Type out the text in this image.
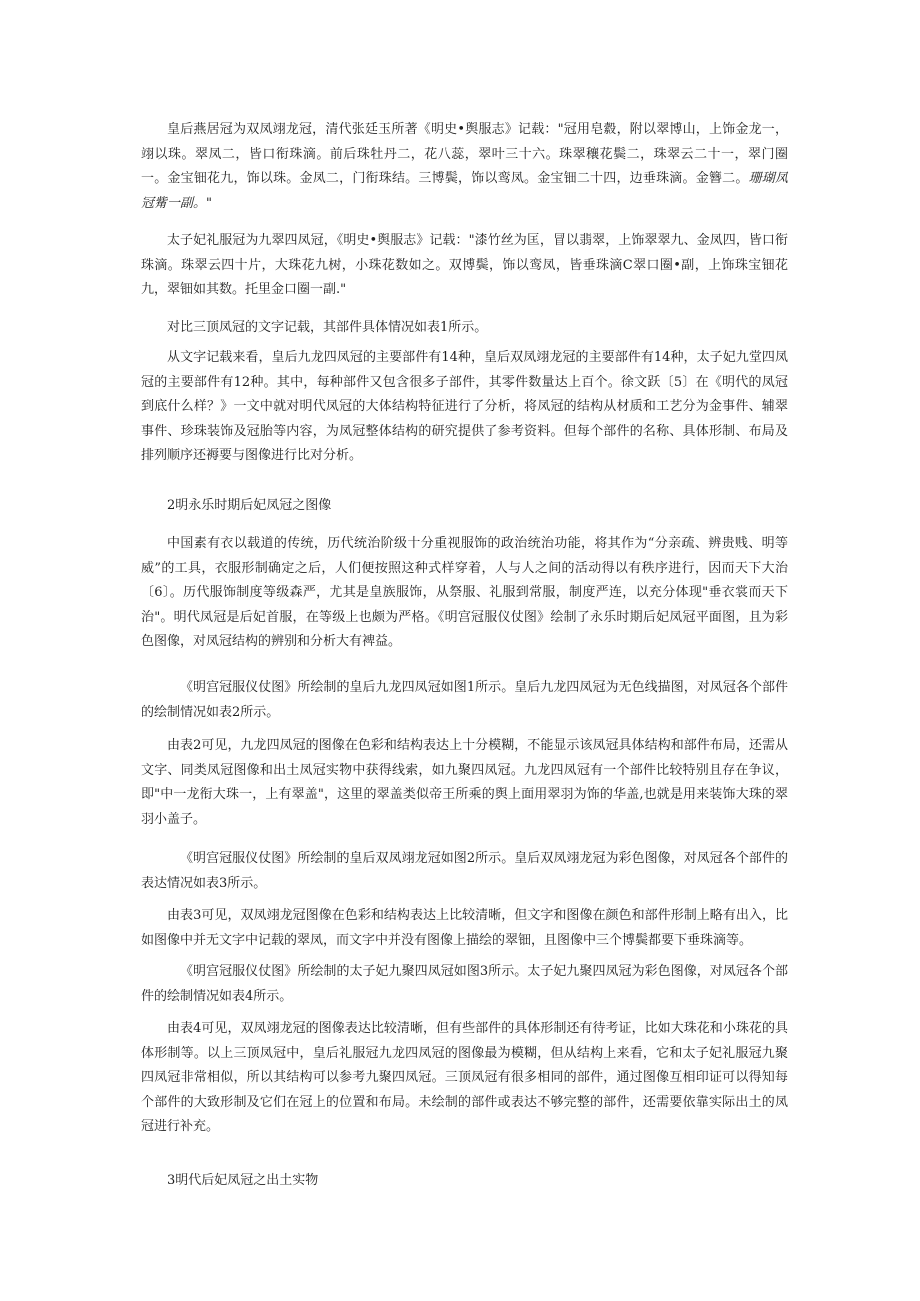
皇后燕居冠为双凤翊龙冠，清代张廷玉所著《明史•舆服志》记载："冠用皂縠，附以翠博山，上饰金龙一，翊以珠。翠凤二，皆口衔珠滴。前后珠牡丹二，花八蕊，翠叶三十六。珠翠穰花鬓二，珠翠云二十一，翠门圈一。金宝钿花九，饰以珠。金凤二，门衔珠结。三博鬓，饰以鸾凤。金宝钿二十四，边垂珠滴。金簪二。珊瑚凤冠觜一副。"

太子妃礼服冠为九翠四凤冠，《明史•舆服志》记载："漆竹丝为匡，冒以翡翠，上饰翠翠九、金凤四，皆口衔珠滴。珠翠云四十片，大珠花九树，小珠花数如之。双博鬓，饰以鸾凤，皆垂珠滴C翠口圈•副，上饰珠宝钿花九，翠钿如其数。托里金口圈一副."

对比三顶凤冠的文字记载，其部件具体情况如表1所示。

从文字记载来看，皇后九龙四凤冠的主要部件有14种，皇后双凤翊龙冠的主要部件有14种，太子妃九堂四凤冠的主要部件有12种。其中，每种部件又包含很多子部件，其零件数量达上百个。徐文跃〔5〕在《明代的凤冠到底什么样？》一文中就对明代凤冠的大体结构特征进行了分析，将凤冠的结构从材质和工艺分为金事件、辅翠事件、珍珠装饰及冠胎等内容，为凤冠整体结构的研究提供了参考资料。但每个部件的名称、具体形制、布局及排列顺序还褥要与图像进行比对分析。

2明永乐时期后妃凤冠之图像

中国素有衣以载道的传统，历代统治阶级十分重视服饰的政治统治功能，将其作为“分亲疏、辨贵贱、明等威”的工具，衣服形制确定之后，人们便按照这种式样穿着，人与人之间的活动得以有秩序进行，因而天下大治〔6〕。历代服饰制度等级森严，尤其是皇族服饰，从祭服、礼服到常服，制度严连，以充分体现"垂衣裳而天下治"。明代凤冠是后妃首服，在等级上也颇为严格。《明宫冠服仪仗图》绘制了永乐时期后妃凤冠平面图，且为彩色图像，对凤冠结构的辨别和分析大有裨益。

《明宫冠服仪仗图》所绘制的皇后九龙四凤冠如图1所示。皇后九龙四凤冠为无色线描图，对凤冠各个部件的绘制情况如表2所示。

由表2可见，九龙四凤冠的图像在色彩和结构表达上十分模糊，不能显示该凤冠具体结构和部件布局，还需从文字、同类凤冠图像和出土凤冠实物中获得线索，如九聚四凤冠。九龙四凤冠有一个部件比较特别且存在争议，即"中一龙衔大珠一，上有翠盖"，这里的翠盖类似帝王所乘的舆上面用翠羽为饰的华盖,也就是用来装饰大珠的翠羽小盖子。

《明宫冠服仪仗图》所绘制的皇后双凤翊龙冠如图2所示。皇后双凤翊龙冠为彩色图像，对凤冠各个部件的表达情况如表3所示。

由表3可见，双凤翊龙冠图像在色彩和结构表达上比较清晰，但文字和图像在颜色和部件形制上略有出入，比如图像中并无文字中记载的翠凤，而文字中并没有图像上描绘的翠钿，且图像中三个博鬓都要下垂珠滴等。

《明宫冠服仪仗图》所绘制的太子妃九聚四凤冠如图3所示。太子妃九聚四凤冠为彩色图像，对凤冠各个部件的绘制情况如表4所示。

由表4可见，双凤翊龙冠的图像表达比较清晰，但有些部件的具体形制还有待考证，比如大珠花和小珠花的具体形制等。以上三顶凤冠中，皇后礼服冠九龙四凤冠的图像最为模糊，但从结构上来看，它和太子妃礼服冠九聚四凤冠非常相似，所以其结构可以参考九聚四凤冠。三顶凤冠有很多相同的部件，通过图像互相印证可以得知每个部件的大致形制及它们在冠上的位置和布局。未绘制的部件或表达不够完整的部件，还需要依靠实际出土的凤冠进行补充。

3明代后妃凤冠之出土实物
